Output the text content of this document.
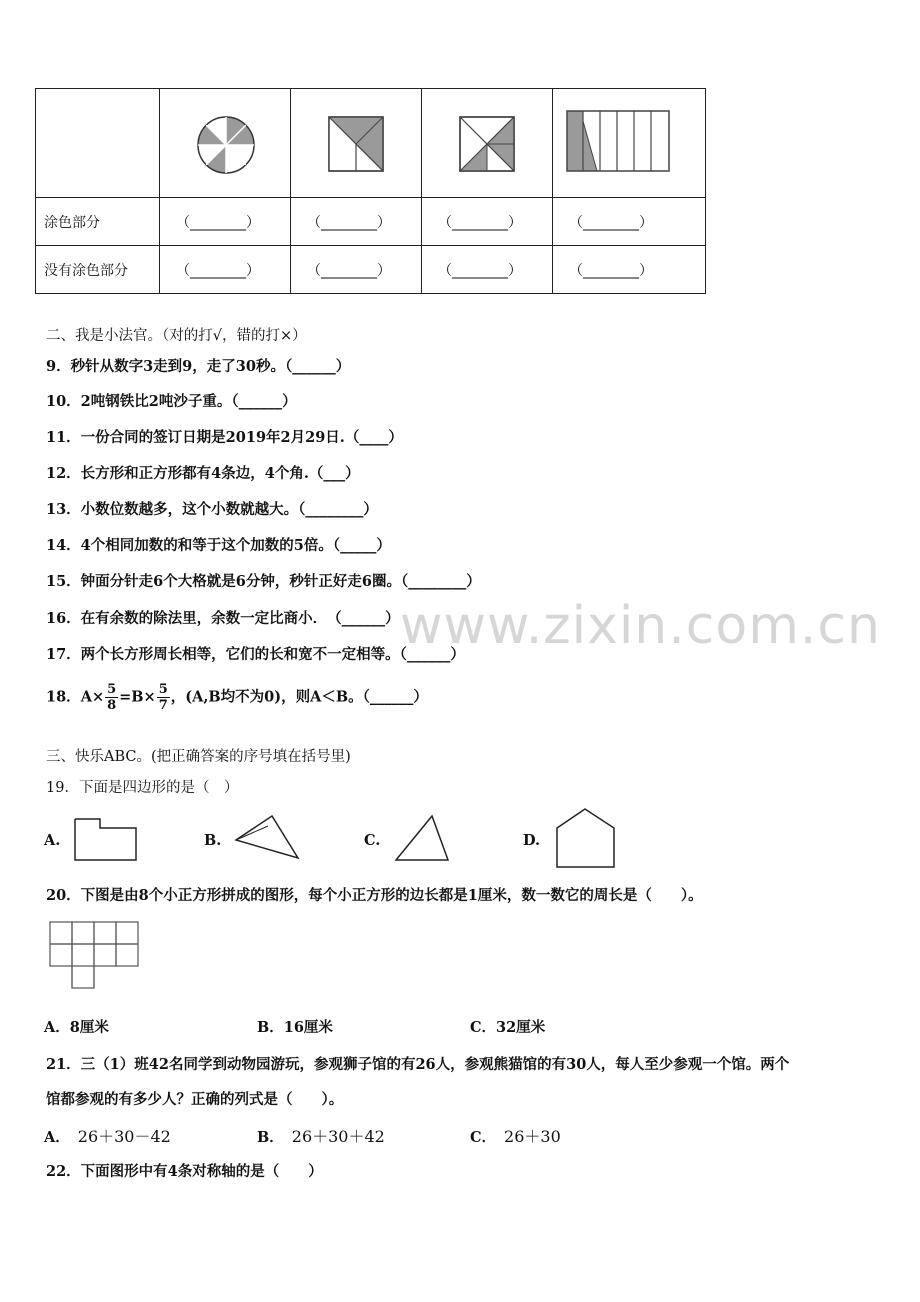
涂色部分	（________）	（________）	（________）	（________）
没有涂色部分	（________）	（________）	（________）	（________）
二、我是小法官。（对的打√，错的打×）
9．秒针从数字3走到9，走了30秒。（______）
10．2吨钢铁比2吨沙子重。（______）
11．一份合同的签订日期是2019年2月29日.（____）
12．长方形和正方形都有4条边，4个角.（___）
13．小数位数越多，这个小数就越大。（________）
14．4个相同加数的和等于这个加数的5倍。（_____）
15．钟面分针走6个大格就是6分钟，秒针正好走6圈。（________）
16．在有余数的除法里，余数一定比商小．　（______）
17．两个长方形周长相等，它们的长和宽不一定相等。（______）
18．$A\times \frac{5}{8} =B\times \frac{5}{7}$ ，(A,B均不为0)，则A＜B。（______）
三、快乐ABC。(把正确答案的序号填在括号里)
19．下面是四边形的是（　）
A.	B.	C.	D.
20．下图是由8个小正方形拼成的图形，每个小正方形的边长都是1厘米，数一数它的周长是（　　）。
A．8厘米	B．16厘米	C．32厘米
21．三（1）班42名同学到动物园游玩，参观狮子馆的有26人，参观熊猫馆的有30人，每人至少参观一个馆。两个
馆都参观的有多少人？正确的列式是（　　）。
A． 26＋30－42	B． 26＋30＋42	C． 26＋30
22．下面图形中有4条对称轴的是（　　）
www.zixin.com.cn
